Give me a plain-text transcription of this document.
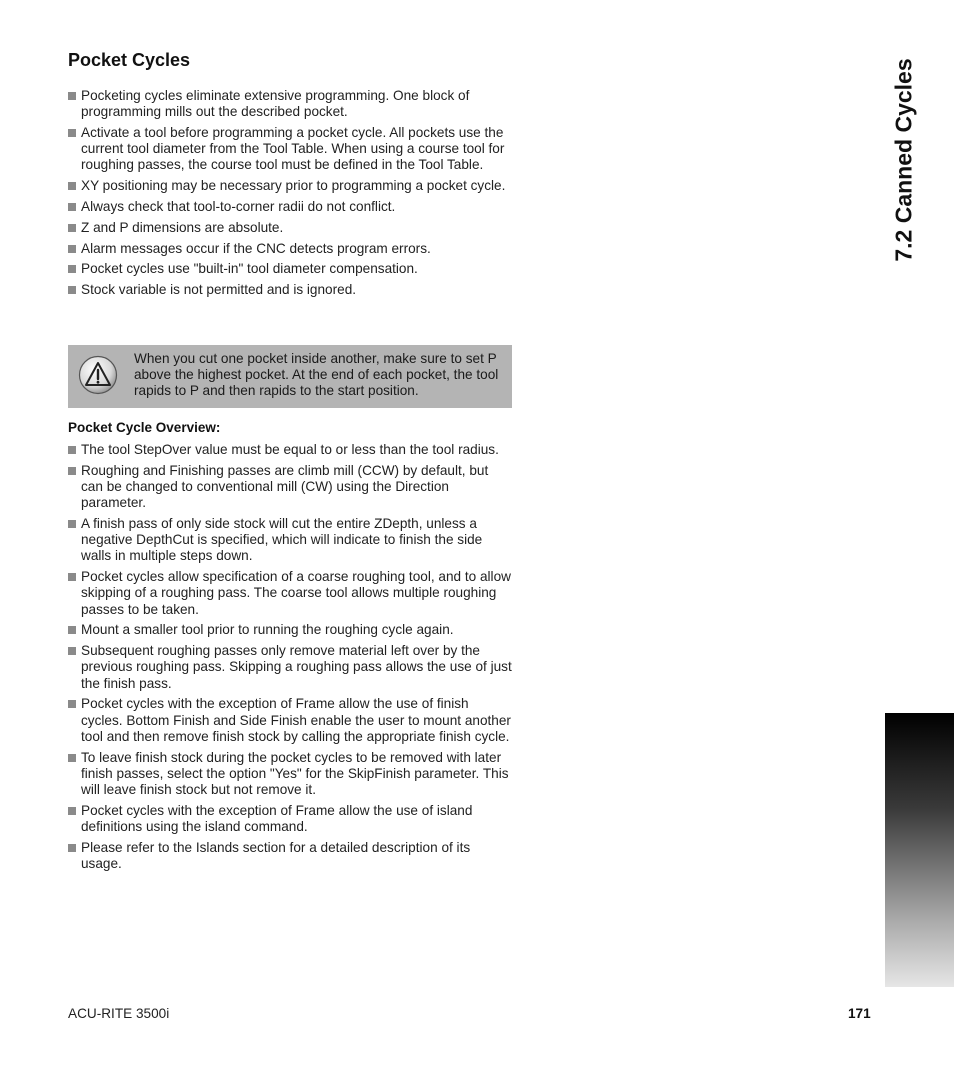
7.2 Canned Cycles
Pocket Cycles
Pocketing cycles eliminate extensive programming. One block of programming mills out the described pocket.
Activate a tool before programming a pocket cycle. All pockets use the current tool diameter from the Tool Table. When using a course tool for roughing passes, the course tool must be defined in the Tool Table.
XY positioning may be necessary prior to programming a pocket cycle.
Always check that tool-to-corner radii do not conflict.
Z and P dimensions are absolute.
Alarm messages occur if the CNC detects program errors.
Pocket cycles use "built-in" tool diameter compensation.
Stock variable is not permitted and is ignored.
When you cut one pocket inside another, make sure to set P above the highest pocket. At the end of each pocket, the tool rapids to P and then rapids to the start position.
Pocket Cycle Overview:
The tool StepOver value must be equal to or less than the tool radius.
Roughing and Finishing passes are climb mill (CCW) by default, but can be changed to conventional mill (CW) using the Direction parameter.
A finish pass of only side stock will cut the entire ZDepth, unless a negative DepthCut is specified, which will indicate to finish the side walls in multiple steps down.
Pocket cycles allow specification of a coarse roughing tool, and to allow skipping of a roughing pass. The coarse tool allows multiple roughing passes to be taken.
Mount a smaller tool prior to running the roughing cycle again.
Subsequent roughing passes only remove material left over by the previous roughing pass. Skipping a roughing pass allows the use of just the finish pass.
Pocket cycles with the exception of Frame allow the use of finish cycles. Bottom Finish and Side Finish enable the user to mount another tool and then remove finish stock by calling the appropriate finish cycle.
To leave finish stock during the pocket cycles to be removed with later finish passes, select the option "Yes" for the SkipFinish parameter. This will leave finish stock but not remove it.
Pocket cycles with the exception of Frame allow the use of island definitions using the island command.
Please refer to the Islands section for a detailed description of its usage.
ACU-RITE 3500i	171
